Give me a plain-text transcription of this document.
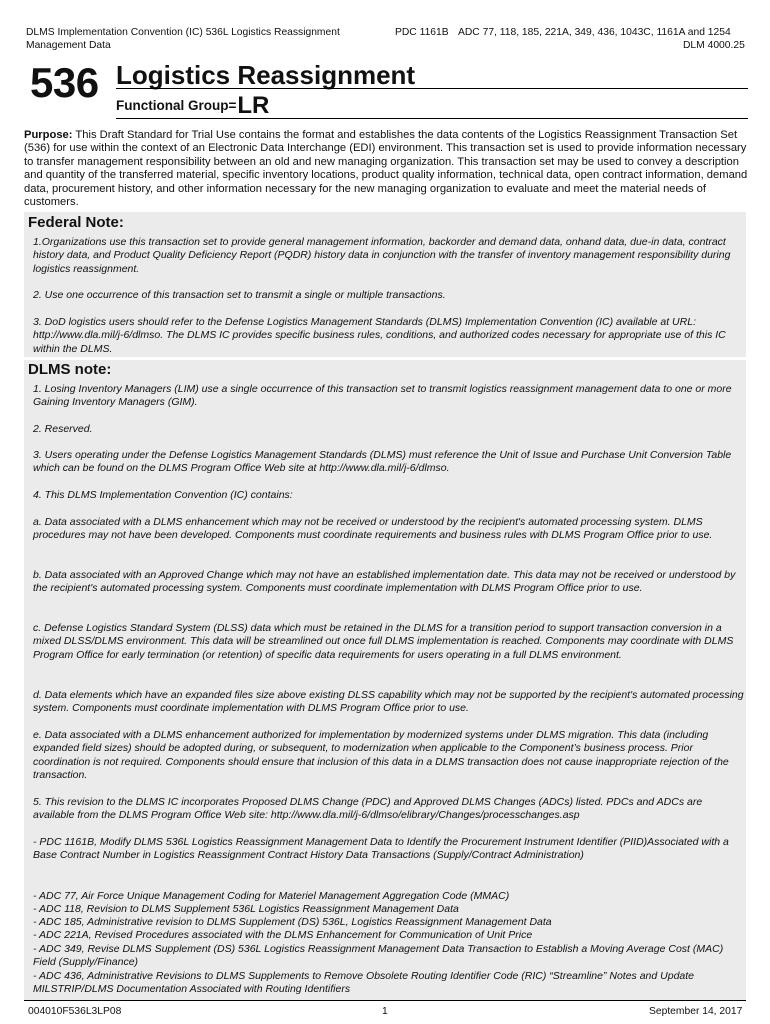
DLMS Implementation Convention (IC) 536L Logistics Reassignment
Management Data
PDC 1161B ADC 77, 118, 185, 221A, 349, 436, 1043C, 1161A and 1254
DLM 4000.25
536 Logistics Reassignment
Functional Group=LR
Purpose: This Draft Standard for Trial Use contains the format and establishes the data contents of the Logistics Reassignment Transaction Set (536) for use within the context of an Electronic Data Interchange (EDI) environment. This transaction set is used to provide information necessary to transfer management responsibility between an old and new managing organization. This transaction set may be used to convey a description and quantity of the transferred material, specific inventory locations, product quality information, technical data, open contract information, demand data, procurement history, and other information necessary for the new managing organization to evaluate and meet the material needs of customers.
Federal Note:
1.Organizations use this transaction set to provide general management information, backorder and demand data, onhand data, due-in data, contract history data, and Product Quality Deficiency Report (PQDR) history data in conjunction with the transfer of inventory management responsibility during logistics reassignment.
2. Use one occurrence of this transaction set to transmit a single or multiple transactions.
3. DoD logistics users should refer to the Defense Logistics Management Standards (DLMS) Implementation Convention (IC) available at URL: http://www.dla.mil/j-6/dlmso. The DLMS IC provides specific business rules, conditions, and authorized codes necessary for appropriate use of this IC within the DLMS.
DLMS note:
1. Losing Inventory Managers (LIM) use a single occurrence of this transaction set to transmit logistics reassignment management data to one or more Gaining Inventory Managers (GIM).
2. Reserved.
3. Users operating under the Defense Logistics Management Standards (DLMS) must reference the Unit of Issue and Purchase Unit Conversion Table which can be found on the DLMS Program Office Web site at http://www.dla.mil/j-6/dlmso.
4. This DLMS Implementation Convention (IC) contains:
a. Data associated with a DLMS enhancement which may not be received or understood by the recipient's automated processing system. DLMS procedures may not have been developed. Components must coordinate requirements and business rules with DLMS Program Office prior to use.
b. Data associated with an Approved Change which may not have an established implementation date. This data may not be received or understood by the recipient's automated processing system. Components must coordinate implementation with DLMS Program Office prior to use.
c. Defense Logistics Standard System (DLSS) data which must be retained in the DLMS for a transition period to support transaction conversion in a mixed DLSS/DLMS environment. This data will be streamlined out once full DLMS implementation is reached. Components may coordinate with DLMS Program Office for early termination (or retention) of specific data requirements for users operating in a full DLMS environment.
d. Data elements which have an expanded files size above existing DLSS capability which may not be supported by the recipient's automated processing system. Components must coordinate implementation with DLMS Program Office prior to use.
e. Data associated with a DLMS enhancement authorized for implementation by modernized systems under DLMS migration. This data (including expanded field sizes) should be adopted during, or subsequent, to modernization when applicable to the Component’s business process. Prior coordination is not required. Components should ensure that inclusion of this data in a DLMS transaction does not cause inappropriate rejection of the transaction.
5. This revision to the DLMS IC incorporates Proposed DLMS Change (PDC) and Approved DLMS Changes (ADCs) listed. PDCs and ADCs are available from the DLMS Program Office Web site: http://www.dla.mil/j-6/dlmso/elibrary/Changes/processchanges.asp
- PDC 1161B, Modify DLMS 536L Logistics Reassignment Management Data to Identify the Procurement Instrument Identifier (PIID)Associated with a Base Contract Number in Logistics Reassignment Contract History Data Transactions (Supply/Contract Administration)
- ADC 77, Air Force Unique Management Coding for Materiel Management Aggregation Code (MMAC)
- ADC 118, Revision to DLMS Supplement 536L Logistics Reassignment Management Data
- ADC 185, Administrative revision to DLMS Supplement (DS) 536L, Logistics Reassignment Management Data
- ADC 221A, Revised Procedures associated with the DLMS Enhancement for Communication of Unit Price
- ADC 349, Revise DLMS Supplement (DS) 536L Logistics Reassignment Management Data Transaction to Establish a Moving Average Cost (MAC) Field (Supply/Finance)
- ADC 436, Administrative Revisions to DLMS Supplements to Remove Obsolete Routing Identifier Code (RIC) “Streamline” Notes and Update MILSTRIP/DLMS Documentation Associated with Routing Identifiers
004010F536L3LP08	1	September 14, 2017
